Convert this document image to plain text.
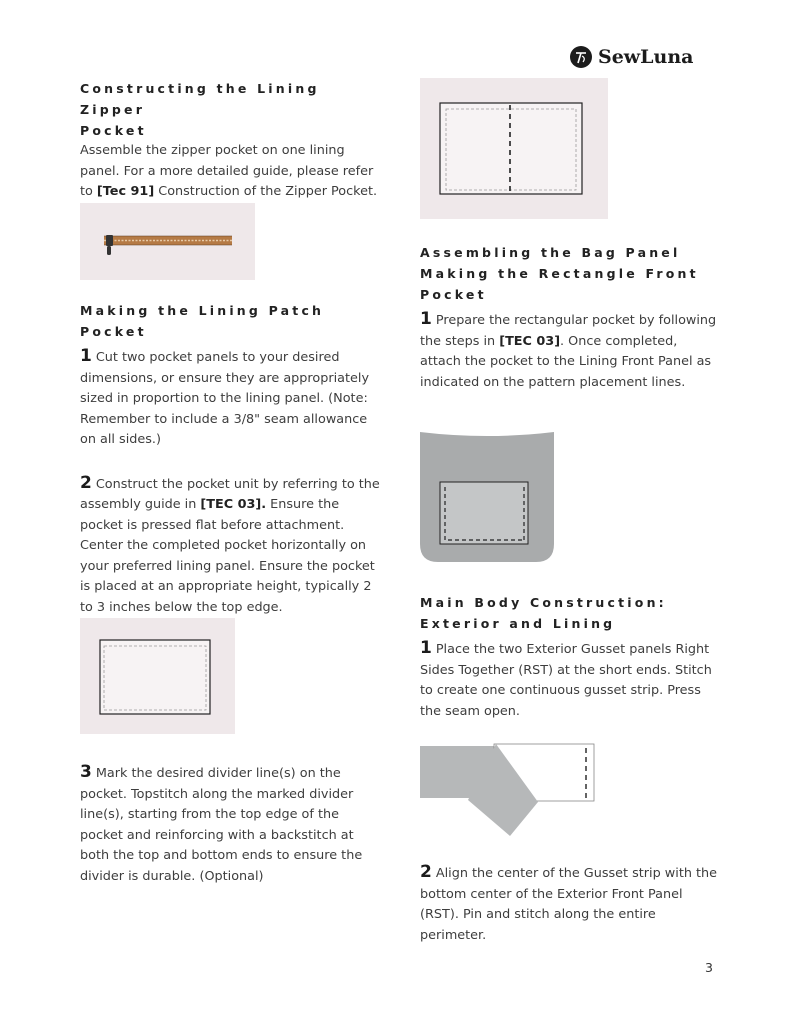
SewLuna
Constructing the Lining Zipper
Pocket
Assemble the zipper pocket on one lining panel. For a more detailed guide, please refer to [Tec 91] Construction of the Zipper Pocket.
Making the Lining Patch Pocket
1 Cut two pocket panels to your desired dimensions, or ensure they are appropriately sized in proportion to the lining panel. (Note: Remember to include a 3/8" seam allowance on all sides.)
2 Construct the pocket unit by referring to the assembly guide in [TEC 03]. Ensure the pocket is pressed flat before attachment. Center the completed pocket horizontally on your preferred lining panel. Ensure the pocket is placed at an appropriate height, typically 2 to 3 inches below the top edge.
3 Mark the desired divider line(s) on the pocket. Topstitch along the marked divider line(s), starting from the top edge of the pocket and reinforcing with a backstitch at both the top and bottom ends to ensure the divider is durable. (Optional)
Assembling the Bag Panel
Making the Rectangle Front
Pocket
1 Prepare the rectangular pocket by following the steps in [TEC 03]. Once completed, attach the pocket to the Lining Front Panel as indicated on the pattern placement lines.
Main Body Construction:
Exterior and Lining
1 Place the two Exterior Gusset panels Right Sides Together (RST) at the short ends. Stitch to create one continuous gusset strip. Press the seam open.
2 Align the center of the Gusset strip with the bottom center of the Exterior Front Panel (RST). Pin and stitch along the entire perimeter.
3
